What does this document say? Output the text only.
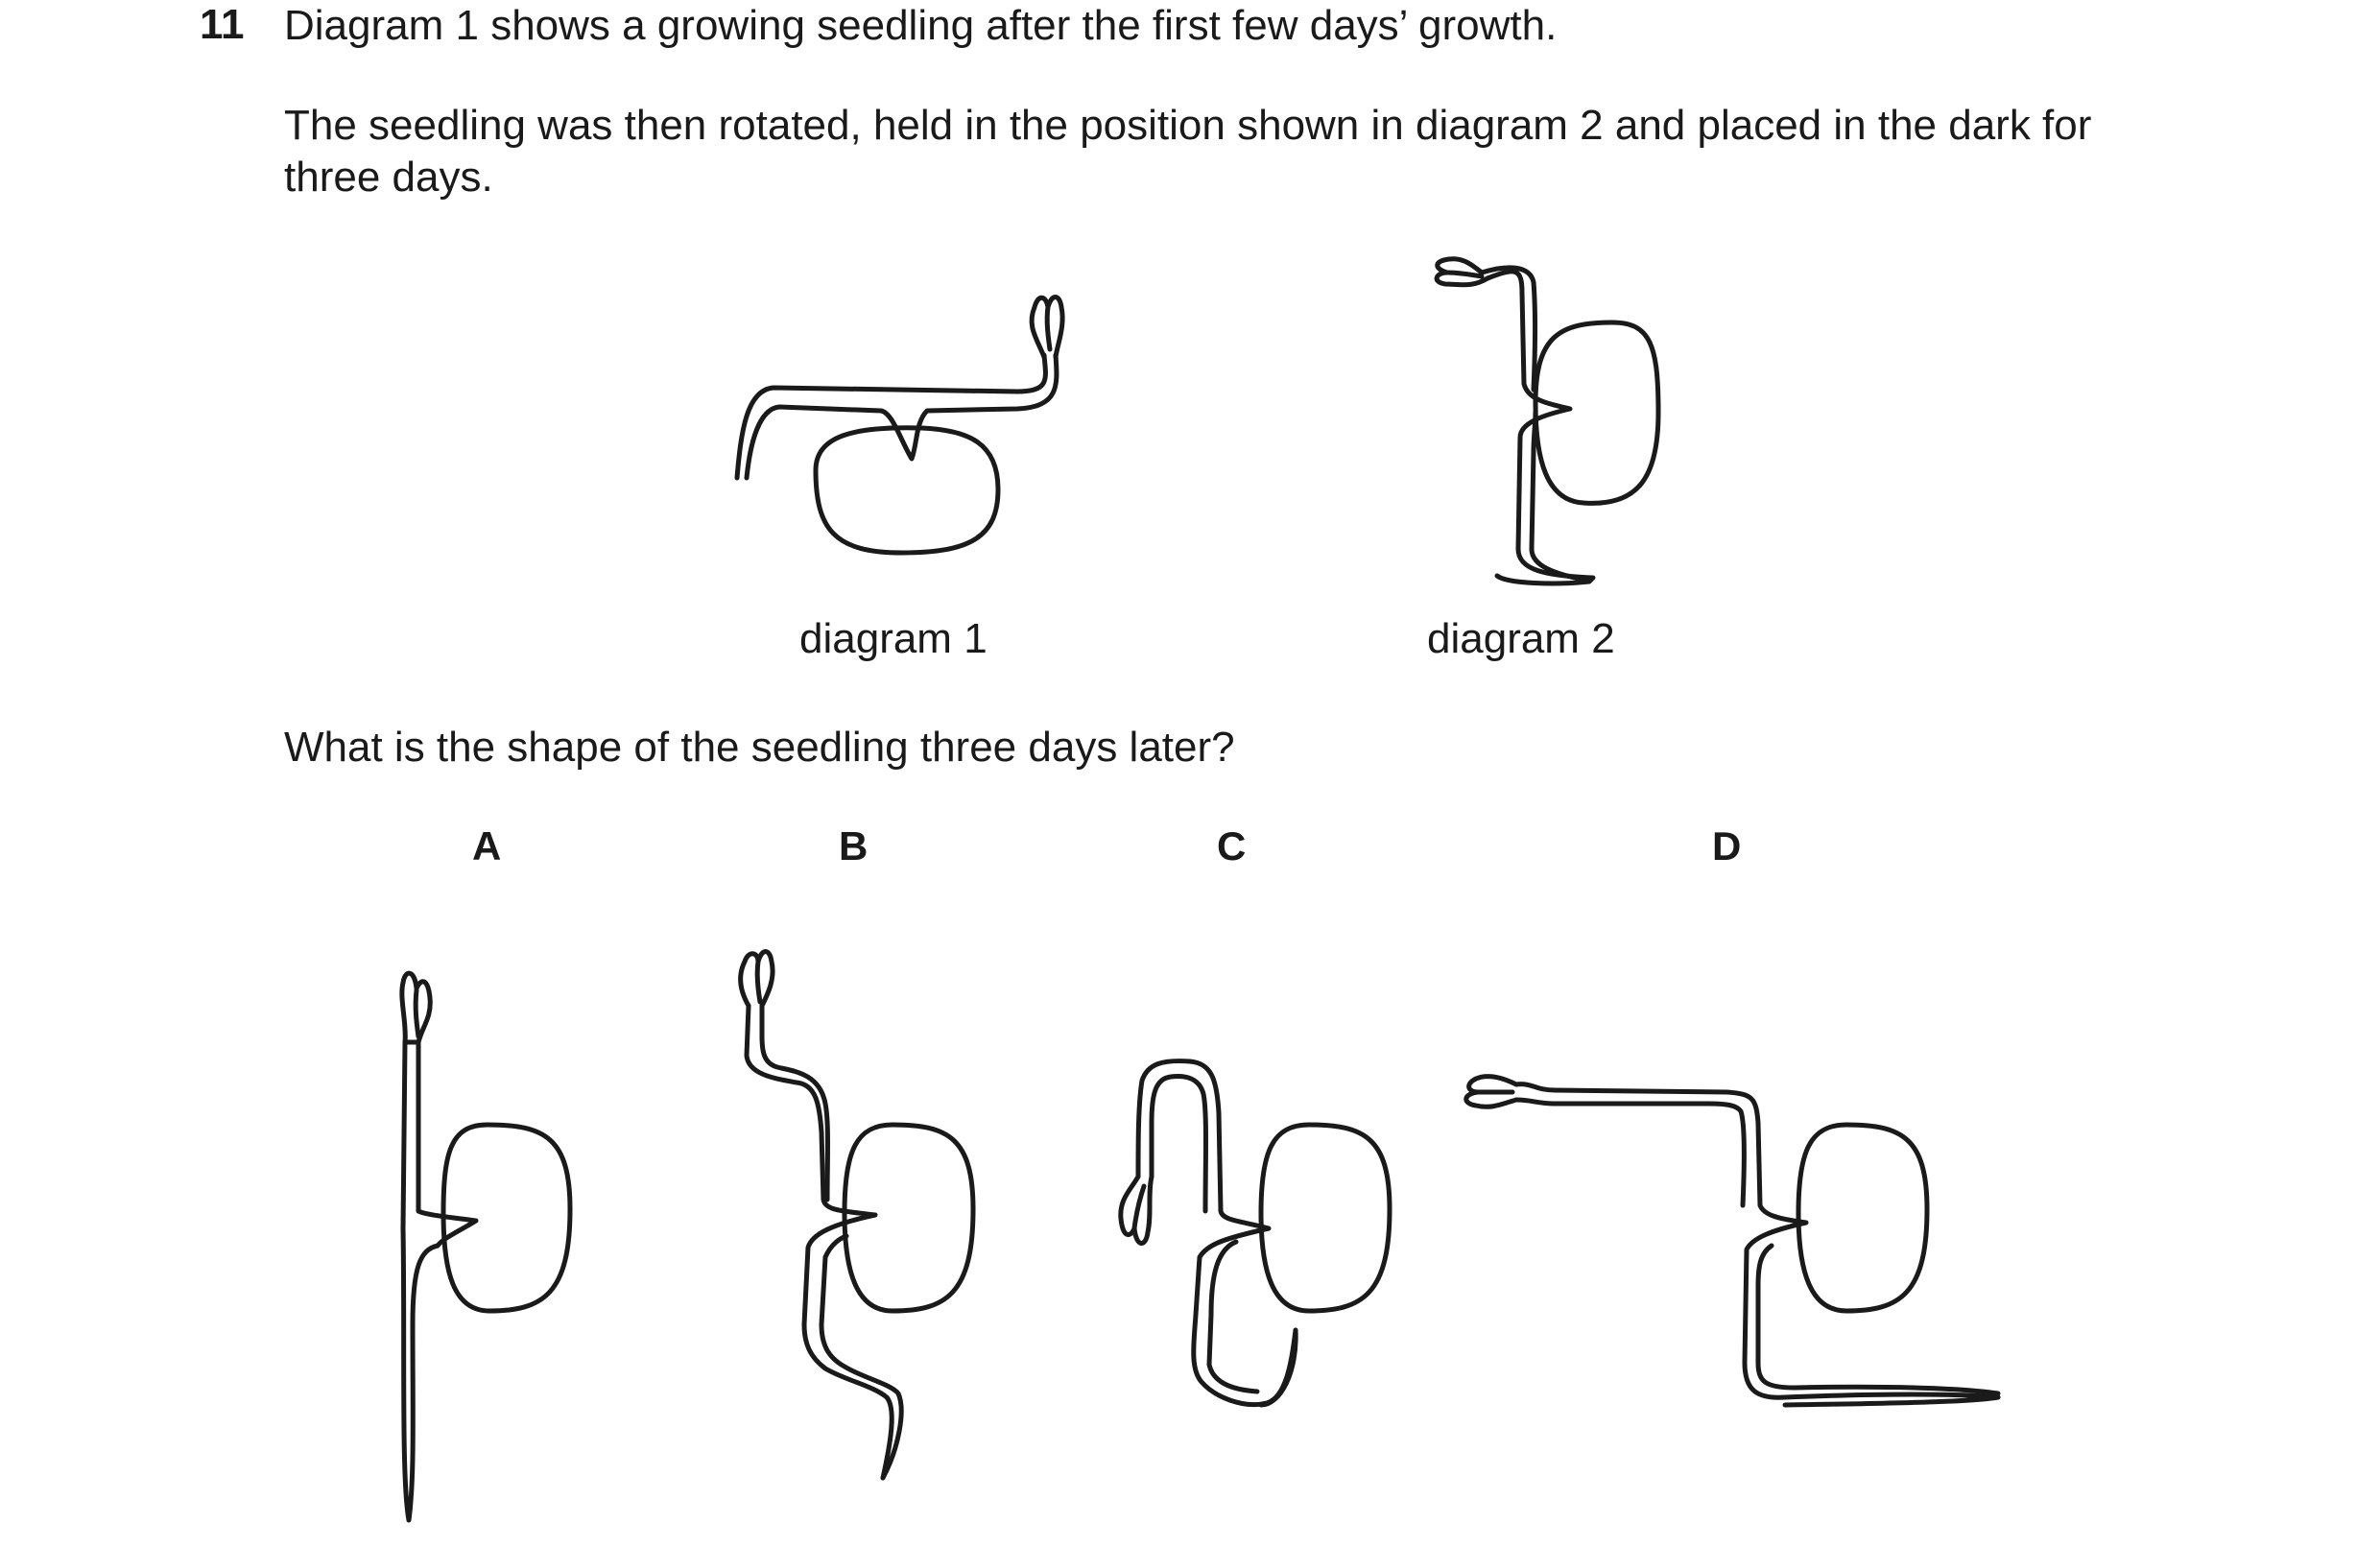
11 Diagram 1 shows a growing seedling after the first few days’ growth.
The seedling was then rotated, held in the position shown in diagram 2 and placed in the dark for
three days.
diagram 1	diagram 2
What is the shape of the seedling three days later?
A	B	C	D
